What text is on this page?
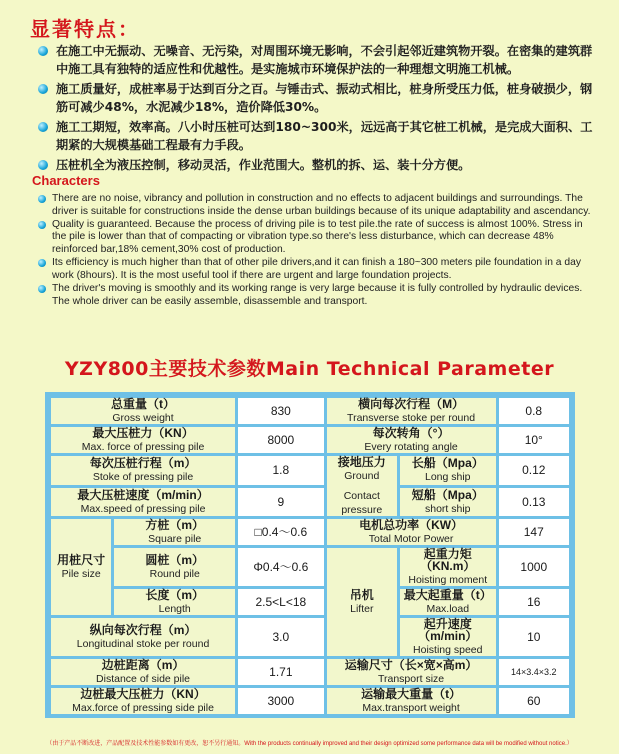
显著特点：
在施工中无振动、无噪音、无污染，对周围环境无影响，不会引起邻近建筑物开裂。在密集的建筑群中施工具有独特的适应性和优越性。是实施城市环境保护法的一种理想文明施工机械。
施工质量好，成桩率易于达到百分之百。与锤击式、振动式相比，桩身所受压力低，桩身破损少，钢筋可减少48%，水泥减少18%，造价降低30%。
施工工期短，效率高。八小时压桩可达到180~300米，远远高于其它桩工机械，是完成大面积、工期紧的大规模基础工程最有力手段。
压桩机全为液压控制，移动灵活，作业范围大。整机的拆、运、装十分方便。
Characters
There are no noise, vibrancy and pollution in construction and no effects to adjacent buildings and surroundings. The driver is suitable for constructions inside the dense urban buildings because of its unique adaptability and ascendancy.
Quality is guaranteed. Because the process of driving pile is to test pile.the rate of success is almost 100%. Stress in the pile is lower than that of compacting or vibration type.so there's less disturbance, which can decrease 48% reinforced bar,18% cement,30% cost of production.
Its efficiency is much higher than that of other pile drivers,and it can finish a 180~300 meters pile foundation in a day work (8hours). It is the most useful tool if there are urgent and large foundation projects.
The driver's moving is smoothly and its working range is very large because it is fully controlled by hydraulic devices. The whole driver can be easily assemble, disassemble and transport.
YZY800主要技术参数Main Technical Parameter
总重量（t）
Gross weight		830	横向每次行程（M）
Transverse stoke per round		0.8

最大压桩力（KN）
Max. force of pressing pile		8000	每次转角（°）
Every rotating angle		10°

每次压桩行程（m）
Stoke of pressing pile		1.8	接地压力
Ground
Contact
pressure	长船（Mpa）
Long ship	0.12

最大压桩速度（m/min）
Max.speed of pressing pile		9		短船（Mpa）
short ship	0.13

用桩尺寸
Pile size	方桩（m）
Square pile	□0.4～0.6	电机总功率（KW）
Total Motor Power		147

	圆桩（m）
Round pile	Φ0.4～0.6	吊机
Lifter	起重力矩（KN.m）
Hoisting moment	1000

	长度（m）
Length	2.5<L<18		最大起重量（t）
Max.load	16

纵向每次行程（m）
Longitudinal stoke per round		3.0		起升速度（m/min）
Hoisting speed	10

边桩距离（m）
Distance of side pile		1.71	运输尺寸（长×宽×高m）
Transport size		14×3.4×3.2

边桩最大压桩力（KN）
Max.force of pressing side pile		3000	运输最大重量（t）
Max.transport weight		60
（由于产品不断改进，产品配置及技术性能参数如有更改，恕不另行通知。With the products continually improved and their design optimized some performance data will be modified without notice.）
